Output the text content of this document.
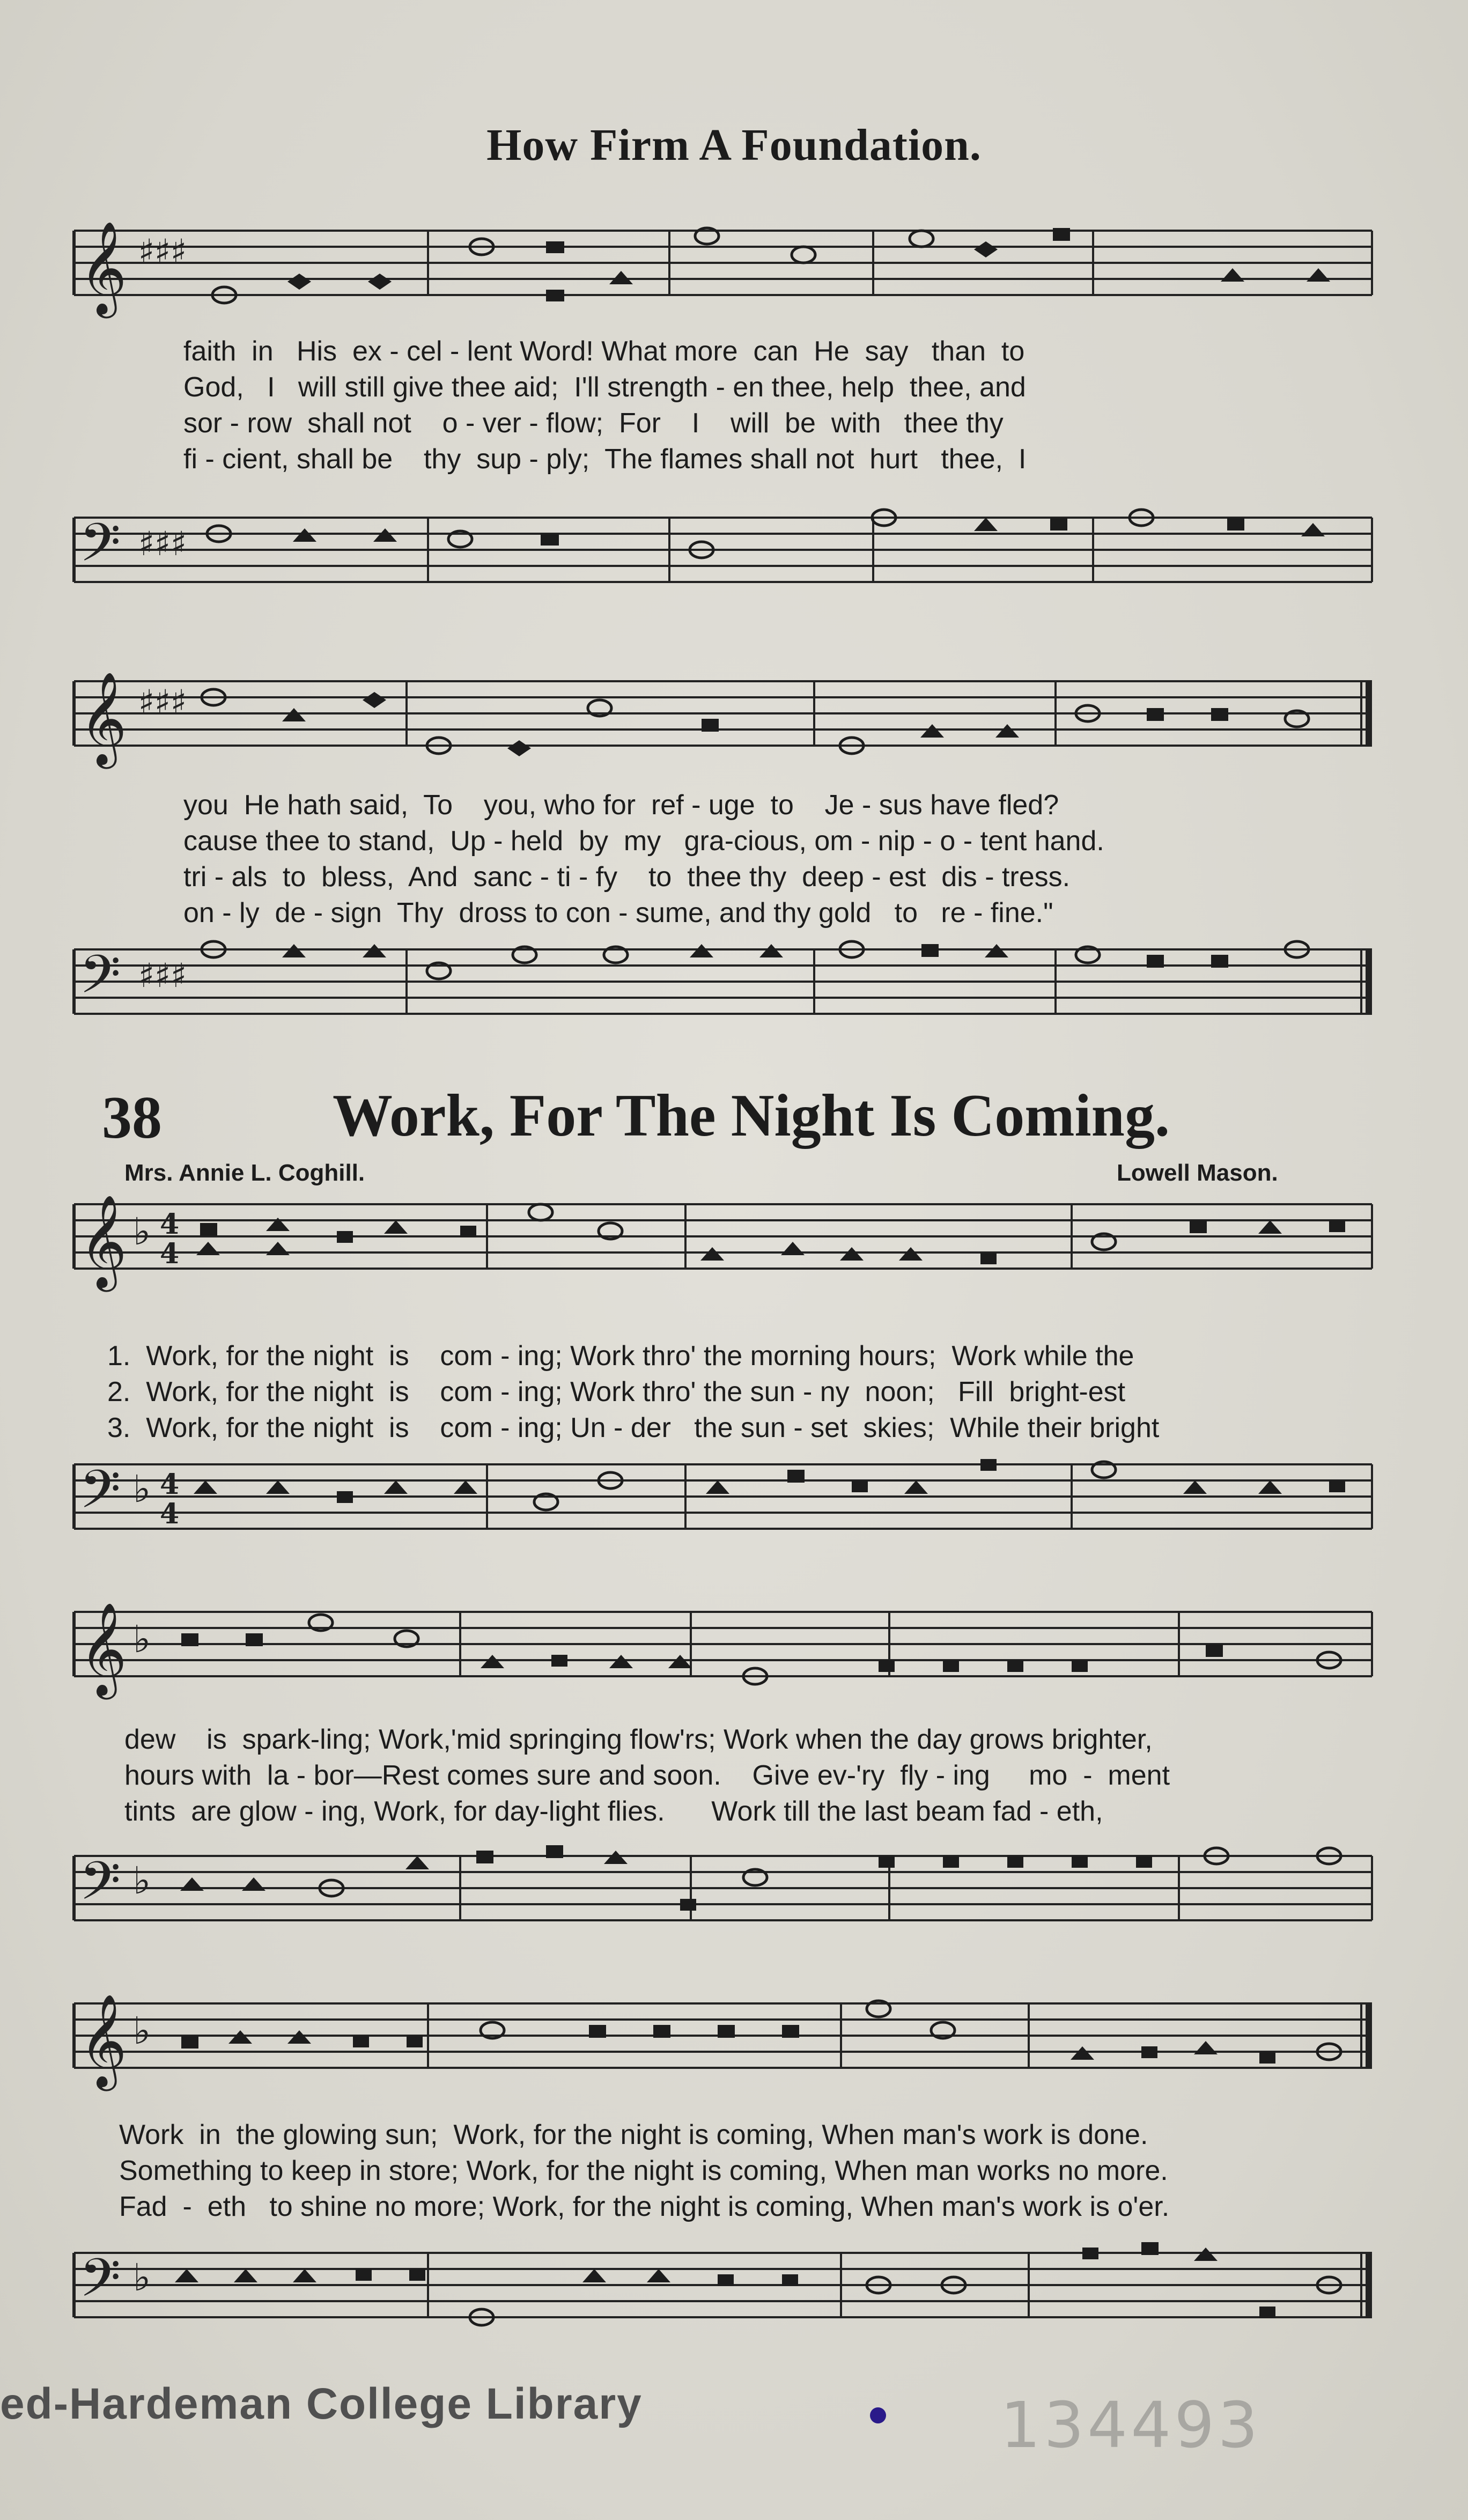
How Firm A Foundation.
𝄞 ♯♯♯
faith  in   His  ex - cel - lent Word! What more  can  He  say   than  to
God,   I   will still give thee aid;  I'll strength - en thee, help  thee, and
sor - row  shall not    o - ver - flow;  For    I    will  be  with   thee thy
fi - cient, shall be    thy  sup - ply;  The flames shall not  hurt   thee,  I
𝄢 ♯♯♯
𝄞 ♯♯♯
you  He hath said,  To    you, who for  ref - uge  to    Je - sus have fled?
cause thee to stand,  Up - held  by  my   gra-cious, om - nip - o - tent hand.
tri - als  to  bless,  And  sanc - ti - fy    to  thee thy  deep - est  dis - tress.
on - ly  de - sign  Thy  dross to con - sume, and thy gold   to   re - fine."
𝄢 ♯♯♯
38	Work, For The Night Is Coming.
Mrs. Annie L. Coghill.	Lowell Mason.
𝄞 ♭ 4
4
1.  Work, for the night  is    com - ing; Work thro' the morning hours;  Work while the
2.  Work, for the night  is    com - ing; Work thro' the sun - ny  noon;   Fill  bright-est
3.  Work, for the night  is    com - ing; Un - der   the sun - set  skies;  While their bright
𝄢 ♭ 4
4
𝄞 ♭
dew    is  spark-ling; Work,'mid springing flow'rs; Work when the day grows brighter,
hours with  la - bor—Rest comes sure and soon.    Give ev-'ry  fly - ing     mo  -  ment
tints  are glow - ing, Work, for day-light flies.      Work till the last beam fad - eth,
𝄢 ♭
𝄞 ♭
Work  in  the glowing sun;  Work, for the night is coming, When man's work is done.
Something to keep in store; Work, for the night is coming, When man works no more.
Fad  -  eth   to shine no more; Work, for the night is coming, When man's work is o'er.
𝄢 ♭
ed-Hardeman College Library	134493
